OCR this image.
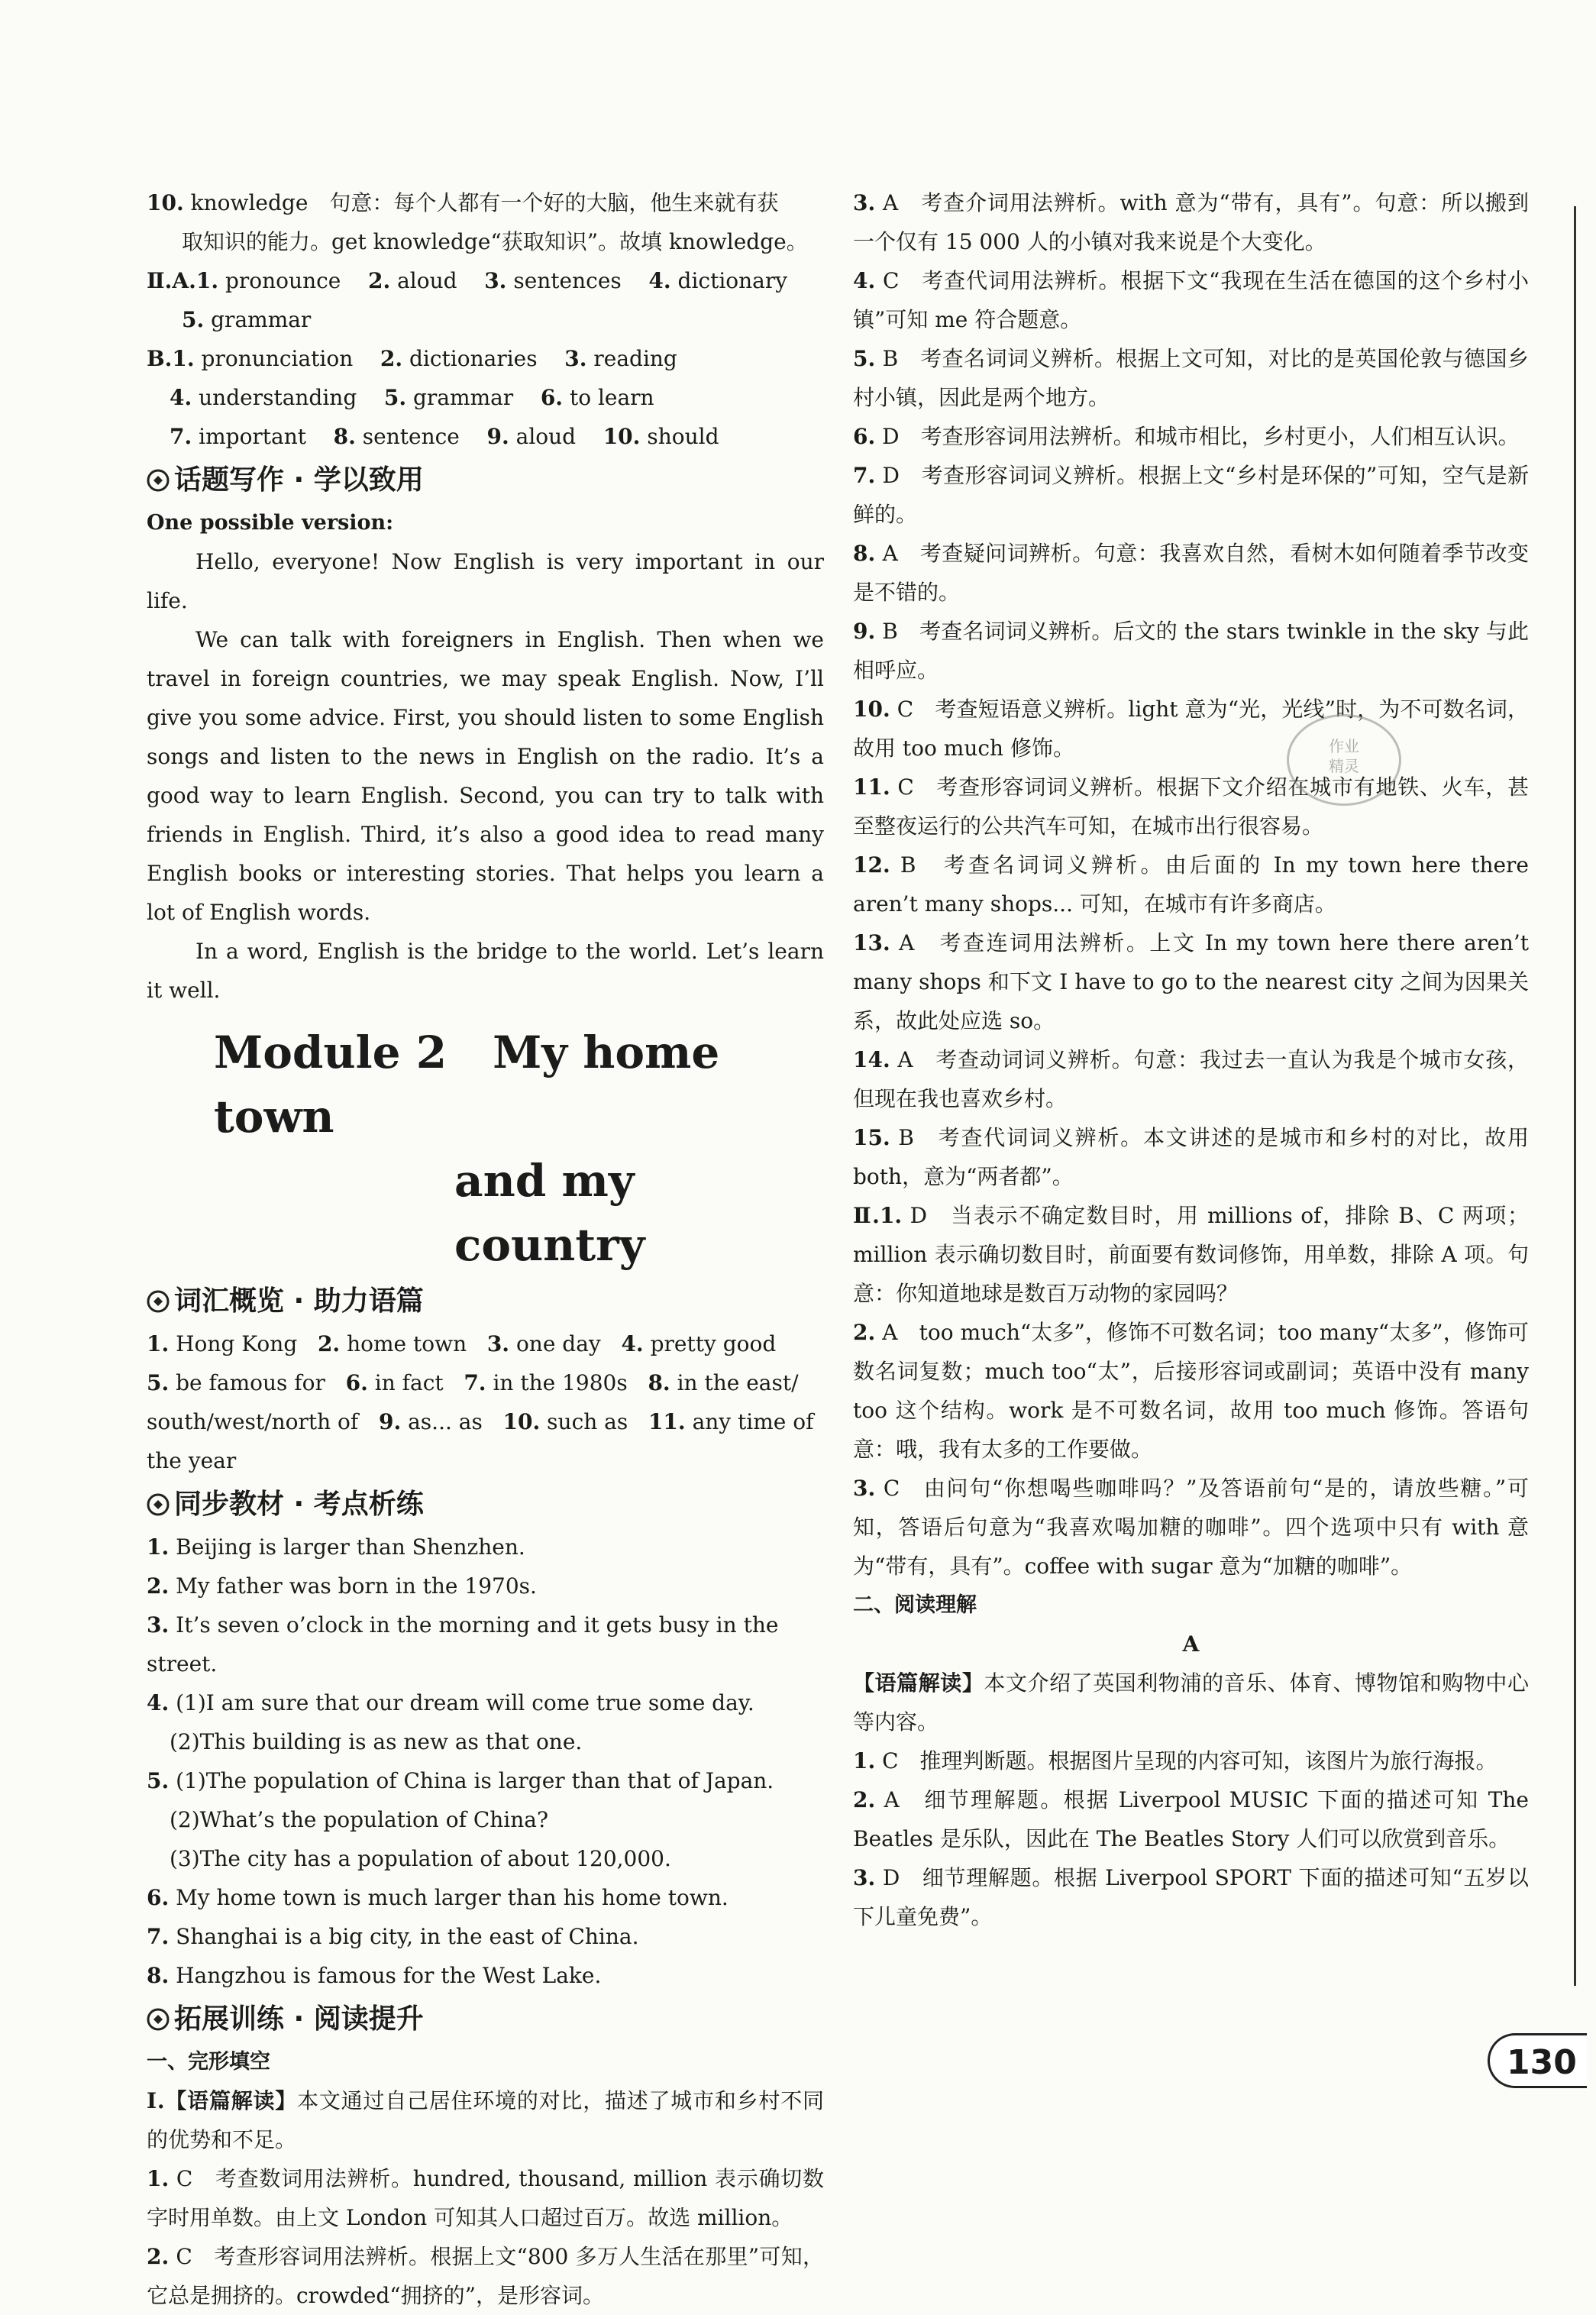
10. knowledge　句意：每个人都有一个好的大脑，他生来就有获

取知识的能力。get knowledge“获取知识”。故填 knowledge。

Ⅱ.A.1. pronounce 2. aloud 3. sentences 4. dictionary

5. grammar

B.1. pronunciation 2. dictionaries 3. reading

4. understanding 5. grammar 6. to learn

7. important 8. sentence 9. aloud 10. should

话题写作 · 学以致用

One possible version:

Hello, everyone! Now English is very important in our life.

We can talk with foreigners in English. Then when we travel in foreign countries, we may speak English. Now, I’ll give you some advice. First, you should listen to some English songs and listen to the news in English on the radio. It’s a good way to learn English. Second, you can try to talk with friends in English. Third, it’s also a good idea to read many English books or interesting stories. That helps you learn a lot of English words.

In a word, English is the bridge to the world. Let’s learn it well.

Module 2 My home town
and my country
词汇概览 · 助力语篇

1. Hong Kong 2. home town 3. one day 4. pretty good

5. be famous for 6. in fact 7. in the 1980s 8. in the east/

south/west/north of 9. as... as 10. such as 11. any time of

the year

同步教材 · 考点析练

1. Beijing is larger than Shenzhen.

2. My father was born in the 1970s.

3. It’s seven o’clock in the morning and it gets busy in the street.

4. (1)I am sure that our dream will come true some day.

(2)This building is as new as that one.

5. (1)The population of China is larger than that of Japan.

(2)What’s the population of China?

(3)The city has a population of about 120,000.

6. My home town is much larger than his home town.

7. Shanghai is a big city, in the east of China.

8. Hangzhou is famous for the West Lake.

拓展训练 · 阅读提升

一、完形填空

Ⅰ.【语篇解读】本文通过自己居住环境的对比，描述了城市和乡村不同的优势和不足。

1. C　考查数词用法辨析。hundred, thousand, million 表示确切数字时用单数。由上文 London 可知其人口超过百万。故选 million。

2. C　考查形容词用法辨析。根据上文“800 多万人生活在那里”可知，它总是拥挤的。crowded“拥挤的”，是形容词。

3. A　考查介词用法辨析。with 意为“带有，具有”。句意：所以搬到一个仅有 15 000 人的小镇对我来说是个大变化。

4. C　考查代词用法辨析。根据下文“我现在生活在德国的这个乡村小镇”可知 me 符合题意。

5. B　考查名词词义辨析。根据上文可知，对比的是英国伦敦与德国乡村小镇，因此是两个地方。

6. D　考查形容词用法辨析。和城市相比，乡村更小，人们相互认识。

7. D　考查形容词词义辨析。根据上文“乡村是环保的”可知，空气是新鲜的。

8. A　考查疑问词辨析。句意：我喜欢自然，看树木如何随着季节改变是不错的。

9. B　考查名词词义辨析。后文的 the stars twinkle in the sky 与此相呼应。

10. C　考查短语意义辨析。light 意为“光，光线”时，为不可数名词，故用 too much 修饰。

11. C　考查形容词词义辨析。根据下文介绍在城市有地铁、火车，甚至整夜运行的公共汽车可知，在城市出行很容易。

12. B　考查名词词义辨析。由后面的 In my town here there aren’t many shops... 可知，在城市有许多商店。

13. A　考查连词用法辨析。上文 In my town here there aren’t many shops 和下文 I have to go to the nearest city 之间为因果关系，故此处应选 so。

14. A　考查动词词义辨析。句意：我过去一直认为我是个城市女孩，但现在我也喜欢乡村。

15. B　考查代词词义辨析。本文讲述的是城市和乡村的对比，故用 both，意为“两者都”。

Ⅱ.1. D　当表示不确定数目时，用 millions of，排除 B、C 两项；million 表示确切数目时，前面要有数词修饰，用单数，排除 A 项。句意：你知道地球是数百万动物的家园吗？

2. A　too much“太多”，修饰不可数名词；too many“太多”，修饰可数名词复数；much too“太”，后接形容词或副词；英语中没有 many too 这个结构。work 是不可数名词，故用 too much 修饰。答语句意：哦，我有太多的工作要做。

3. C　由问句“你想喝些咖啡吗？”及答语前句“是的，请放些糖。”可知，答语后句意为“我喜欢喝加糖的咖啡”。四个选项中只有 with 意为“带有，具有”。coffee with sugar 意为“加糖的咖啡”。

二、阅读理解

A

【语篇解读】本文介绍了英国利物浦的音乐、体育、博物馆和购物中心等内容。

1. C　推理判断题。根据图片呈现的内容可知，该图片为旅行海报。

2. A　细节理解题。根据 Liverpool MUSIC 下面的描述可知 The Beatles 是乐队，因此在 The Beatles Story 人们可以欣赏到音乐。

3. D　细节理解题。根据 Liverpool SPORT 下面的描述可知“五岁以下儿童免费”。

作业
精灵
130
